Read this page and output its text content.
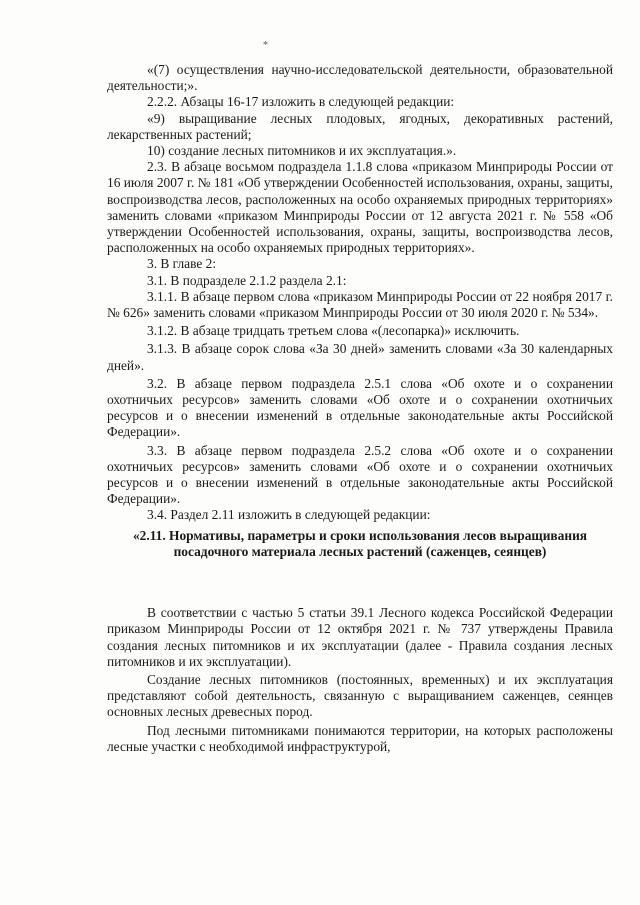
*

«(7) осуществления научно-исследовательской деятельности, образовательной деятельности;».

2.2.2. Абзацы 16-17 изложить в следующей редакции:

«9) выращивание лесных плодовых, ягодных, декоративных растений, лекарственных растений;

10) создание лесных питомников и их эксплуатация.».

2.3. В абзаце восьмом подраздела 1.1.8 слова «приказом Минприроды России от 16 июля 2007 г. № 181 «Об утверждении Особенностей использования, охраны, защиты, воспроизводства лесов, расположенных на особо охраняемых природных территориях» заменить словами «приказом Минприроды России от 12 августа 2021 г. № 558 «Об утверждении Особенностей использования, охраны, защиты, воспроизводства лесов, расположенных на особо охраняемых природных территориях».

3. В главе 2:

3.1. В подразделе 2.1.2 раздела 2.1:

3.1.1. В абзаце первом слова «приказом Минприроды России от 22 ноября 2017 г. № 626» заменить словами «приказом Минприроды России от 30 июля 2020 г. № 534».

3.1.2. В абзаце тридцать третьем слова «(лесопарка)» исключить.

3.1.3. В абзаце сорок слова «За 30 дней» заменить словами «За 30 календарных дней».

3.2. В абзаце первом подраздела 2.5.1 слова «Об охоте и о сохранении охотничьих ресурсов» заменить словами «Об охоте и о сохранении охотничьих ресурсов и о внесении изменений в отдельные законодательные акты Российской Федерации».

3.3. В абзаце первом подраздела 2.5.2 слова «Об охоте и о сохранении охотничьих ресурсов» заменить словами «Об охоте и о сохранении охотничьих ресурсов и о внесении изменений в отдельные законодательные акты Российской Федерации».

3.4. Раздел 2.11 изложить в следующей редакции:

«2.11. Нормативы, параметры и сроки использования лесов выращивания посадочного материала лесных растений (саженцев, сеянцев)

В соответствии с частью 5 статьи 39.1 Лесного кодекса Российской Федерации приказом Минприроды России от 12 октября 2021 г. № 737 утверждены Правила создания лесных питомников и их эксплуатации (далее - Правила создания лесных питомников и их эксплуатации).

Создание лесных питомников (постоянных, временных) и их эксплуатация представляют собой деятельность, связанную с выращиванием саженцев, сеянцев основных лесных древесных пород.

Под лесными питомниками понимаются территории, на которых расположены лесные участки с необходимой инфраструктурой,
